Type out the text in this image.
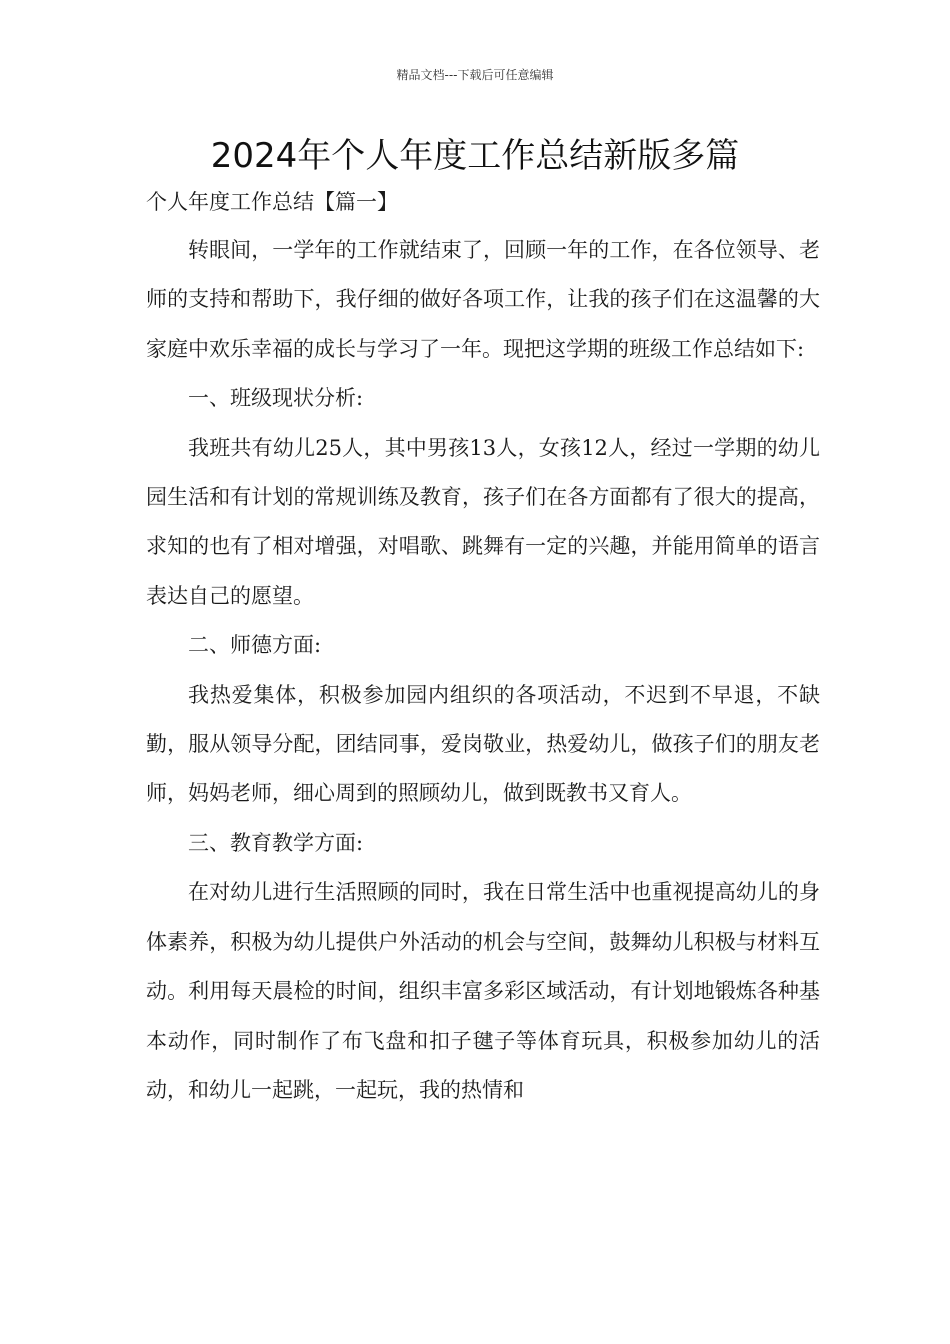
精品文档---下载后可任意编辑
2024年个人年度工作总结新版多篇
个人年度工作总结【篇一】

转眼间，一学年的工作就结束了，回顾一年的工作，在各位领导、老师的支持和帮助下，我仔细的做好各项工作，让我的孩子们在这温馨的大家庭中欢乐幸福的成长与学习了一年。现把这学期的班级工作总结如下:

一、班级现状分析:

我班共有幼儿25人，其中男孩13人，女孩12人，经过一学期的幼儿园生活和有计划的常规训练及教育，孩子们在各方面都有了很大的提高，求知的也有了相对增强，对唱歌、跳舞有一定的兴趣，并能用简单的语言表达自己的愿望。

二、师德方面:

我热爱集体，积极参加园内组织的各项活动，不迟到不早退，不缺勤，服从领导分配，团结同事，爱岗敬业，热爱幼儿，做孩子们的朋友老师，妈妈老师，细心周到的照顾幼儿，做到既教书又育人。

三、教育教学方面:

在对幼儿进行生活照顾的同时，我在日常生活中也重视提高幼儿的身体素养，积极为幼儿提供户外活动的机会与空间，鼓舞幼儿积极与材料互动。利用每天晨检的时间，组织丰富多彩区域活动，有计划地锻炼各种基本动作，同时制作了布飞盘和扣子毽子等体育玩具，积极参加幼儿的活动，和幼儿一起跳，一起玩，我的热情和
